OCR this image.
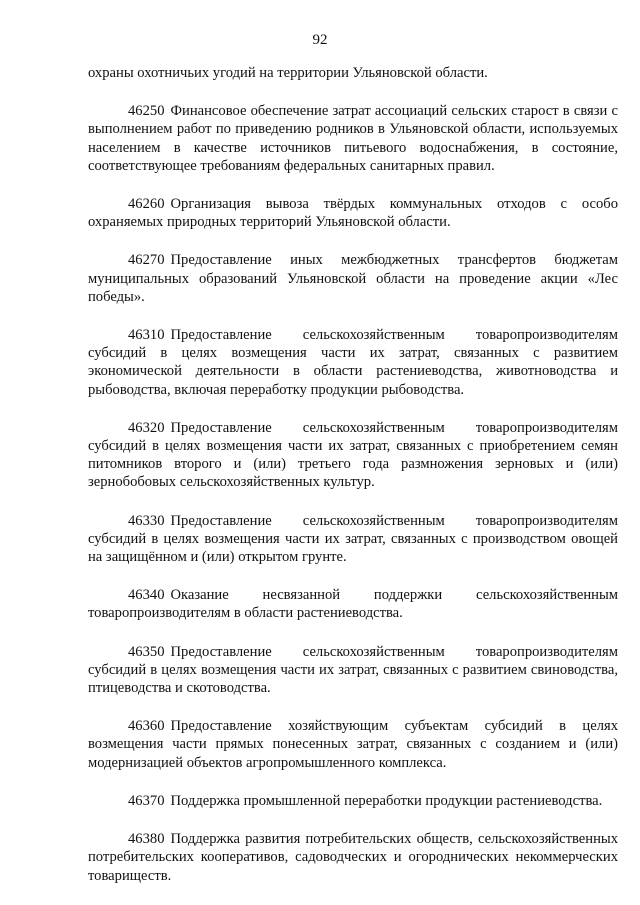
92

охраны охотничьих угодий на территории Ульяновской области.

46250 Финансовое обеспечение затрат ассоциаций сельских старост в связи с выполнением работ по приведению родников в Ульяновской области, используемых населением в качестве источников питьевого водоснабжения, в состояние, соответствующее требованиям федеральных санитарных правил.

46260 Организация вывоза твёрдых коммунальных отходов с особо охраняемых природных территорий Ульяновской области.

46270 Предоставление иных межбюджетных трансфертов бюджетам муниципальных образований Ульяновской области на проведение акции «Лес победы».

46310 Предоставление сельскохозяйственным товаропроизводителям субсидий в целях возмещения части их затрат, связанных с развитием экономической деятельности в области растениеводства, животноводства и рыбоводства, включая переработку продукции рыбоводства.

46320 Предоставление сельскохозяйственным товаропроизводителям субсидий в целях возмещения части их затрат, связанных с приобретением семян питомников второго и (или) третьего года размножения зерновых и (или) зернобобовых сельскохозяйственных культур.

46330 Предоставление сельскохозяйственным товаропроизводителям субсидий в целях возмещения части их затрат, связанных с производством овощей на защищённом и (или) открытом грунте.

46340 Оказание несвязанной поддержки сельскохозяйственным товаропроизводителям в области растениеводства.

46350 Предоставление сельскохозяйственным товаропроизводителям субсидий в целях возмещения части их затрат, связанных с развитием свиноводства, птицеводства и скотоводства.

46360 Предоставление хозяйствующим субъектам субсидий в целях возмещения части прямых понесенных затрат, связанных с созданием и (или) модернизацией объектов агропромышленного комплекса.

46370 Поддержка промышленной переработки продукции растениеводства.

46380 Поддержка развития потребительских обществ, сельскохозяйственных потребительских кооперативов, садоводческих и огороднических некоммерческих товариществ.
